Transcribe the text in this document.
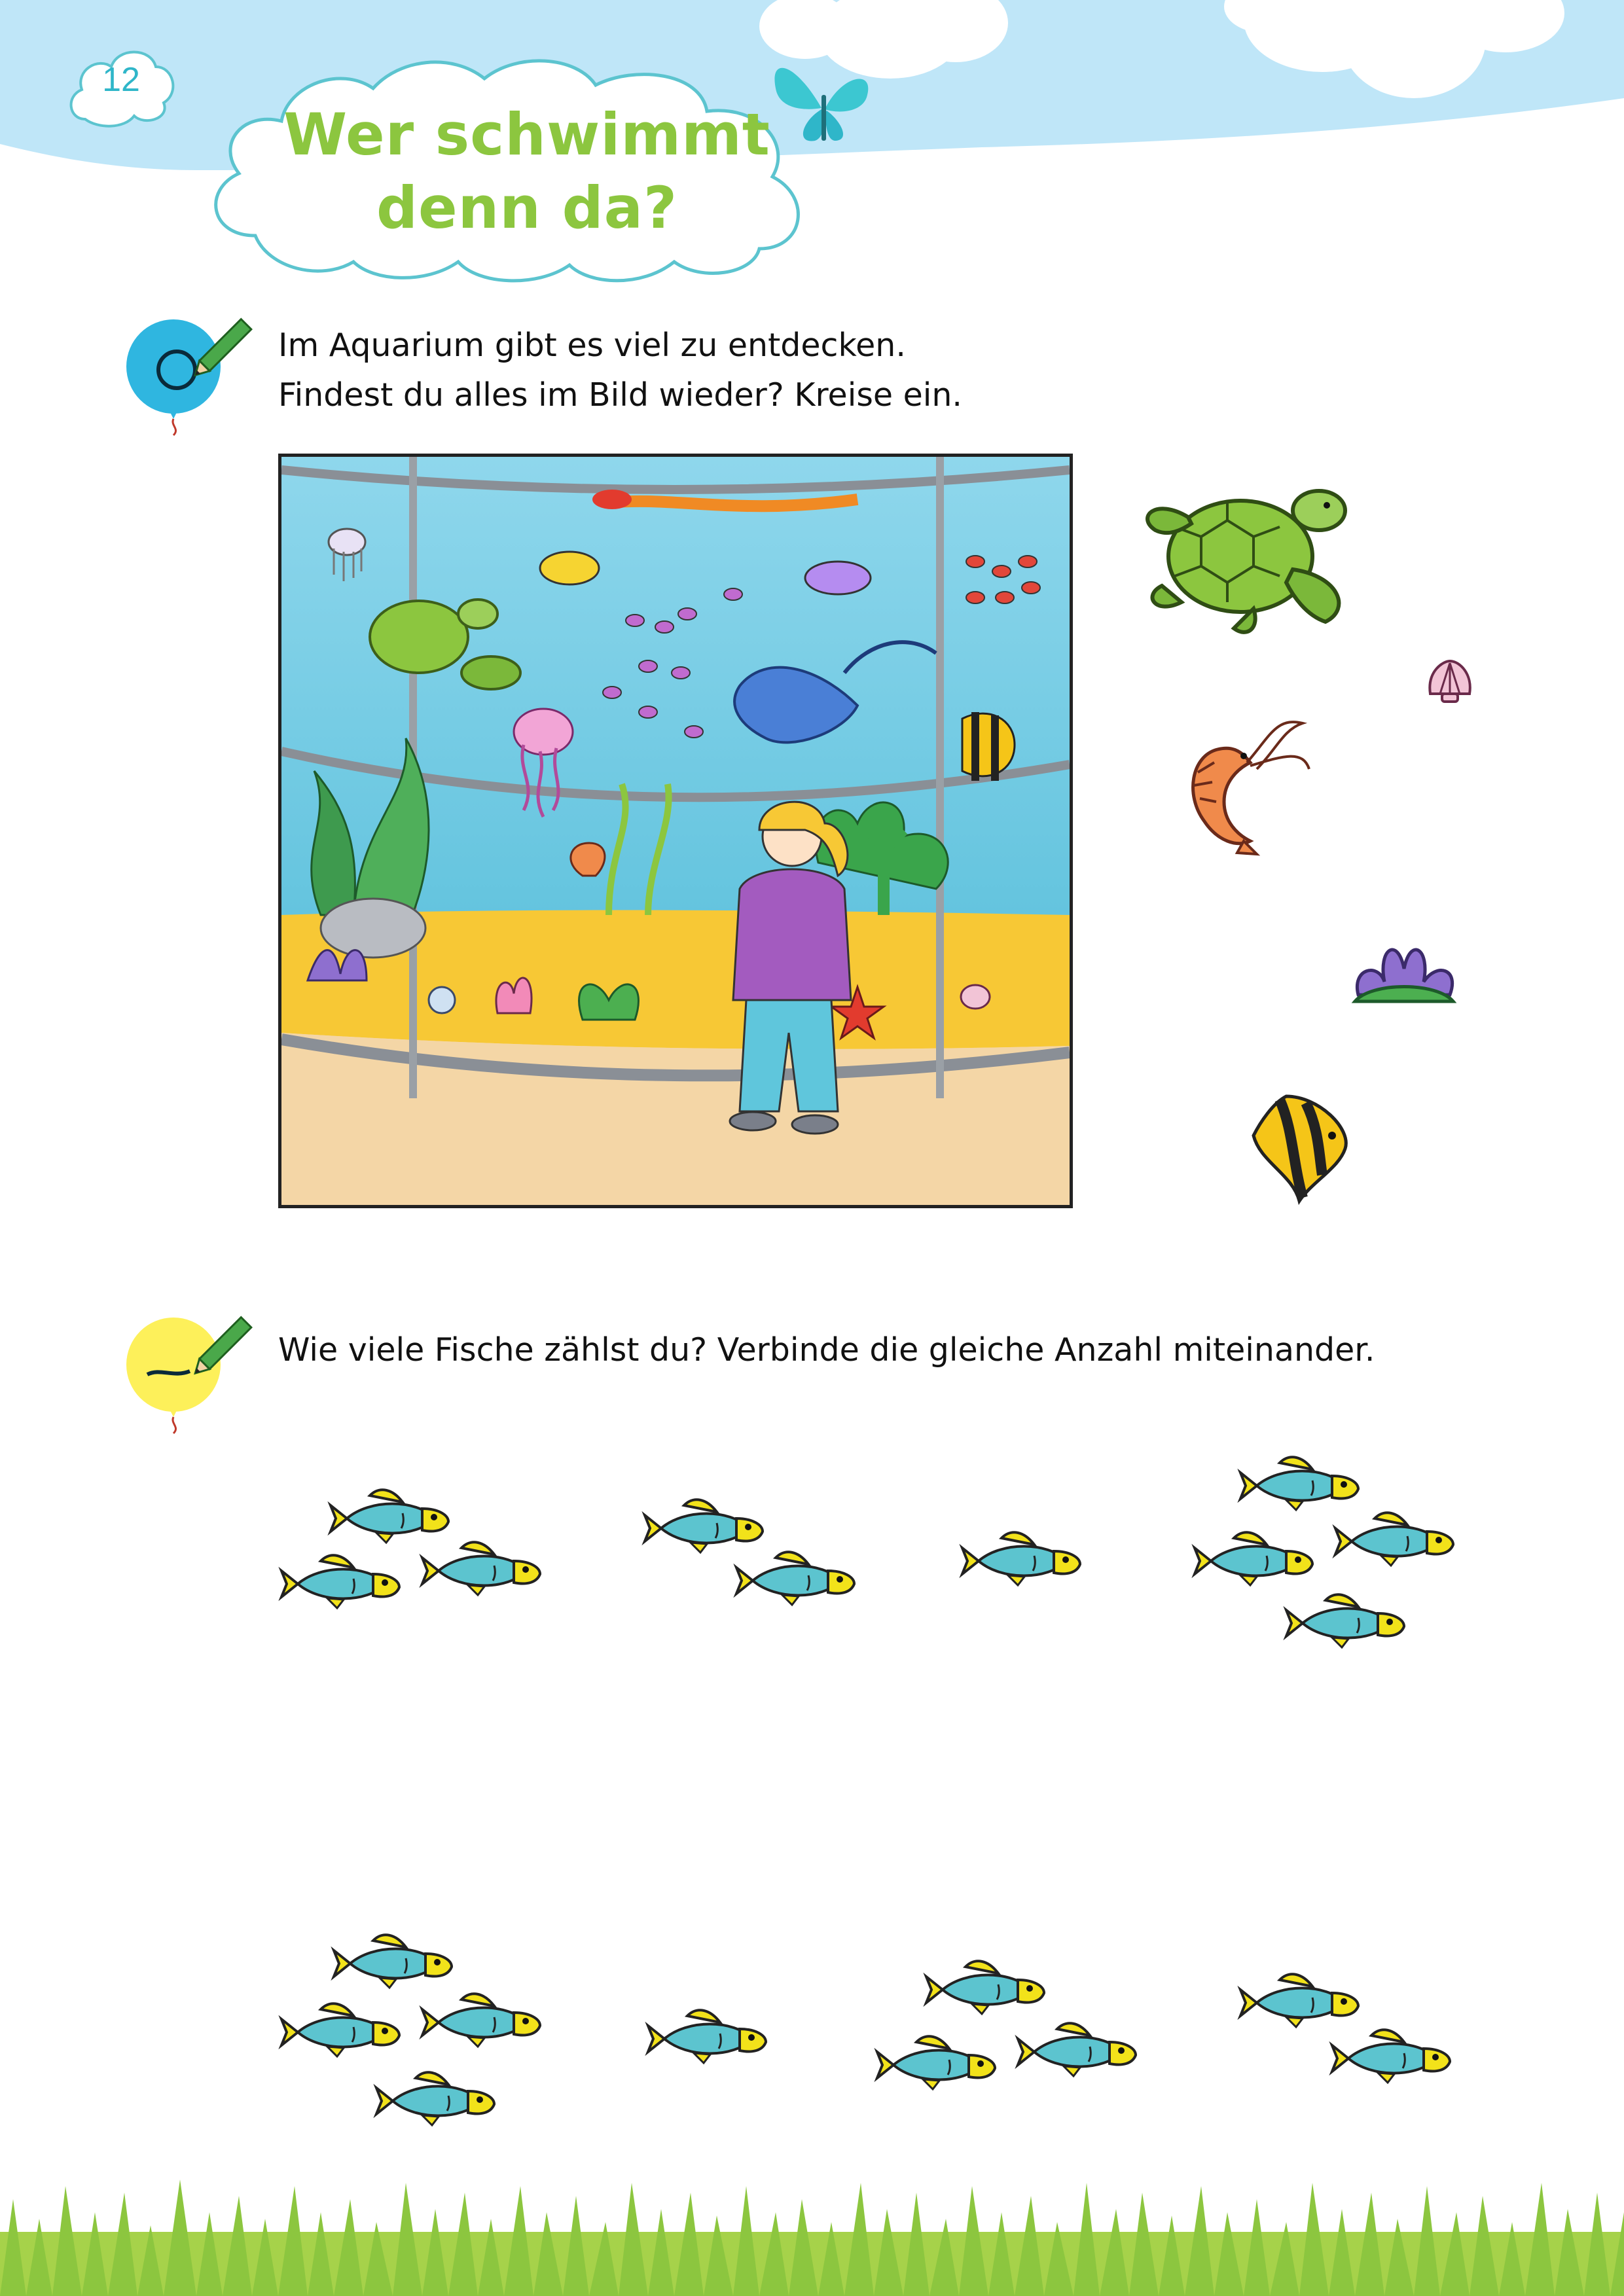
12
Wer schwimmt
denn da?
Im Aquarium gibt es viel zu entdecken.
Findest du alles im Bild wieder? Kreise ein.
Wie viele Fische zählst du? Verbinde die gleiche Anzahl miteinander.
